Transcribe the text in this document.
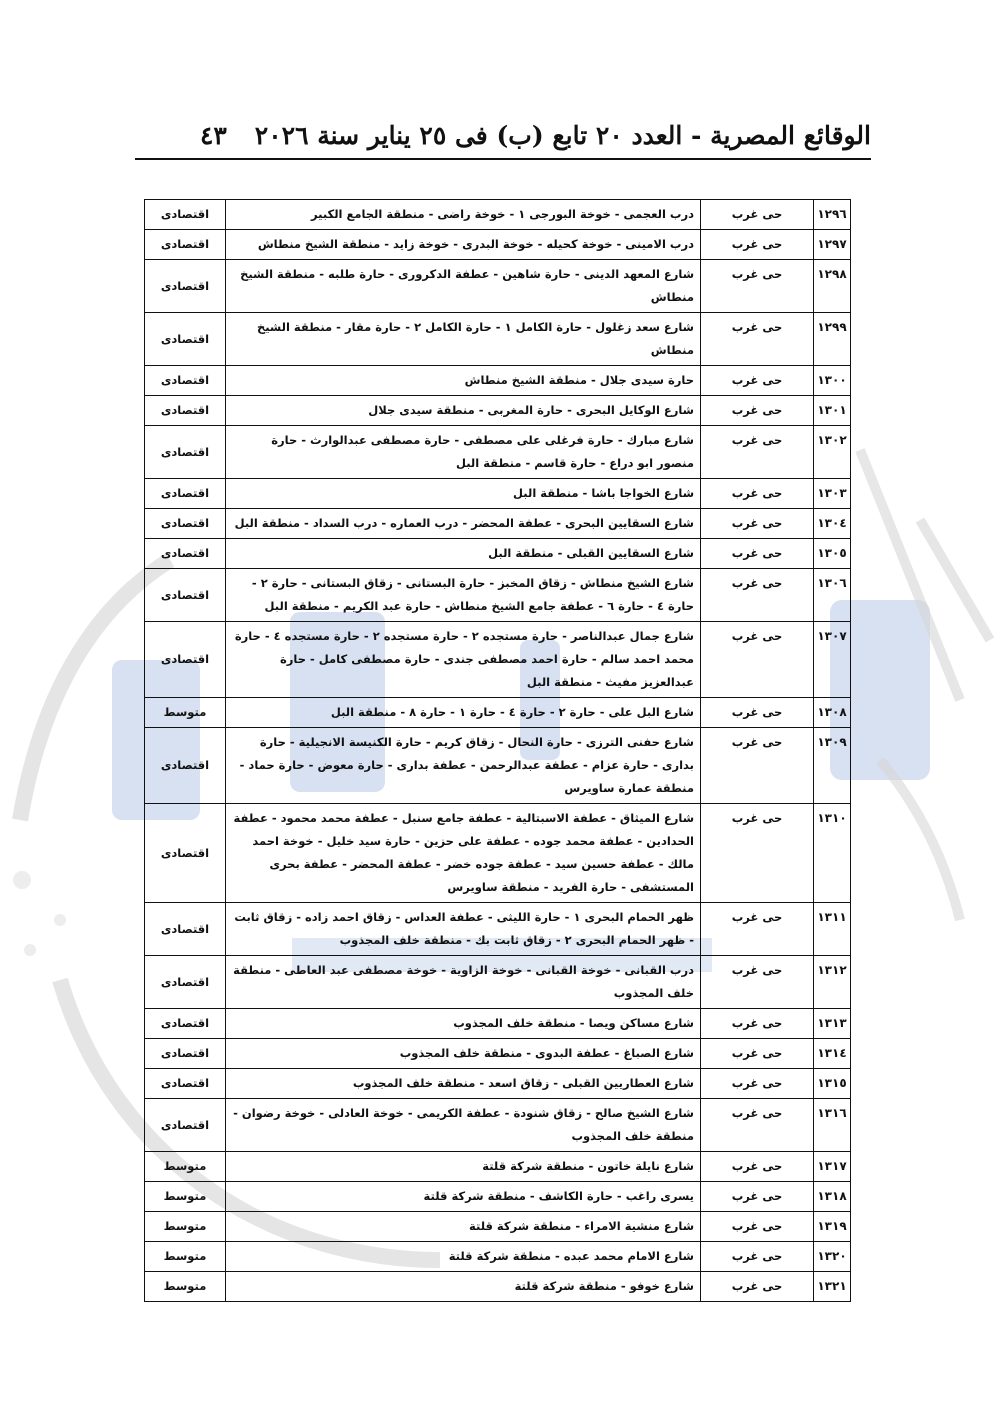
الوقائع المصرية - العدد ٢٠ تابع (ب) فى ٢٥ يناير سنة ٢٠٢٦
٤٣
١٢٩٦	حى غرب	درب العجمى - خوخة البورجى ١ - خوخة راضى - منطقة الجامع الكبير	اقتصادى
١٢٩٧	حى غرب	درب الامينى - خوخة كحيله - خوخة البدرى - خوخة زايد - منطقة الشيخ منطاش	اقتصادى
١٢٩٨	حى غرب	شارع المعهد الدينى - حارة شاهين - عطفة الدكرورى - حارة طلبه - منطقة الشيخ منطاش	اقتصادى
١٢٩٩	حى غرب	شارع سعد زغلول - حارة الكامل ١ - حارة الكامل ٢ - حارة مقار - منطقة الشيخ منطاش	اقتصادى
١٣٠٠	حى غرب	حارة سيدى جلال - منطقة الشيخ منطاش	اقتصادى
١٣٠١	حى غرب	شارع الوكايل البحرى - حارة المغربى - منطقة سيدى جلال	اقتصادى
١٣٠٢	حى غرب	شارع مبارك - حارة فرغلى على مصطفى - حارة مصطفى عبدالوارث - حارة منصور ابو دراع - حارة قاسم - منطقة البل	اقتصادى
١٣٠٣	حى غرب	شارع الخواجا باشا - منطقة البل	اقتصادى
١٣٠٤	حى غرب	شارع السقايين البحرى - عطفة المحضر - درب العماره - درب السداد - منطقة البل	اقتصادى
١٣٠٥	حى غرب	شارع السقايين القبلى - منطقة البل	اقتصادى
١٣٠٦	حى غرب	شارع الشيخ منطاش - زقاق المخبز - حارة البستانى - زقاق البستانى - حارة ٢ - حارة ٤ - حارة ٦ - عطفة جامع الشيخ منطاش - حارة عبد الكريم - منطقة البل	اقتصادى
١٣٠٧	حى غرب	شارع جمال عبدالناصر - حارة مستجده ٢ - حارة مستجده ٢ - حارة مستجده ٤ - حارة محمد احمد سالم - حارة احمد مصطفى جندى - حارة مصطفى كامل - حارة عبدالعزيز مفيث - منطقة البل	اقتصادى
١٣٠٨	حى غرب	شارع البل على - حارة ٢ - حارة ٤ - حارة ١ - حارة ٨ - منطقة البل	متوسط
١٣٠٩	حى غرب	شارع حفنى الترزى - حارة النحال - زقاق كريم - حارة الكنيسة الانجيلية - حارة بدارى - حارة عزام - عطفة عبدالرحمن - عطفة بدارى - حارة معوض - حارة حماد - منطقة عمارة ساويرس	اقتصادى
١٣١٠	حى غرب	شارع الميثاق - عطفة الاسبتالية - عطفة جامع سنبل - عطفة محمد محمود - عطفة الحدادين - عطفة محمد جوده - عطفة على حزين - حارة سيد خليل - خوخة احمد مالك - عطفة حسين سيد - عطفة جوده خضر - عطفة المحضر - عطفة بحرى المستشفى - حارة الفريد - منطقة ساويرس	اقتصادى
١٣١١	حى غرب	ظهر الحمام البحرى ١ - حارة الليثى - عطفة العداس - زقاق احمد زاده - زقاق ثابت - ظهر الحمام البحرى ٢ - زقاق ثابت بك - منطقة خلف المجذوب	اقتصادى
١٣١٢	حى غرب	درب القبانى - خوخة القبانى - خوخة الزاوية - خوخة مصطفى عبد العاطى - منطقة خلف المجذوب	اقتصادى
١٣١٣	حى غرب	شارع مساكن ويصا - منطقة خلف المجذوب	اقتصادى
١٣١٤	حى غرب	شارع الصباغ - عطفة البدوى - منطقة خلف المجذوب	اقتصادى
١٣١٥	حى غرب	شارع العطاريين القبلى - زقاق اسعد - منطقة خلف المجذوب	اقتصادى
١٣١٦	حى غرب	شارع الشيخ صالح - زقاق شنودة - عطفة الكريمى - خوخة العادلى - خوخة رضوان - منطقة خلف المجذوب	اقتصادى
١٣١٧	حى غرب	شارع نايلة خاتون - منطقة شركة قلتة	متوسط
١٣١٨	حى غرب	يسرى راغب - حارة الكاشف - منطقة شركة قلتة	متوسط
١٣١٩	حى غرب	شارع منشية الامراء - منطقة شركة قلتة	متوسط
١٣٢٠	حى غرب	شارع الامام محمد عبده - منطقة شركة قلتة	متوسط
١٣٢١	حى غرب	شارع خوفو - منطقة شركة قلتة	متوسط
